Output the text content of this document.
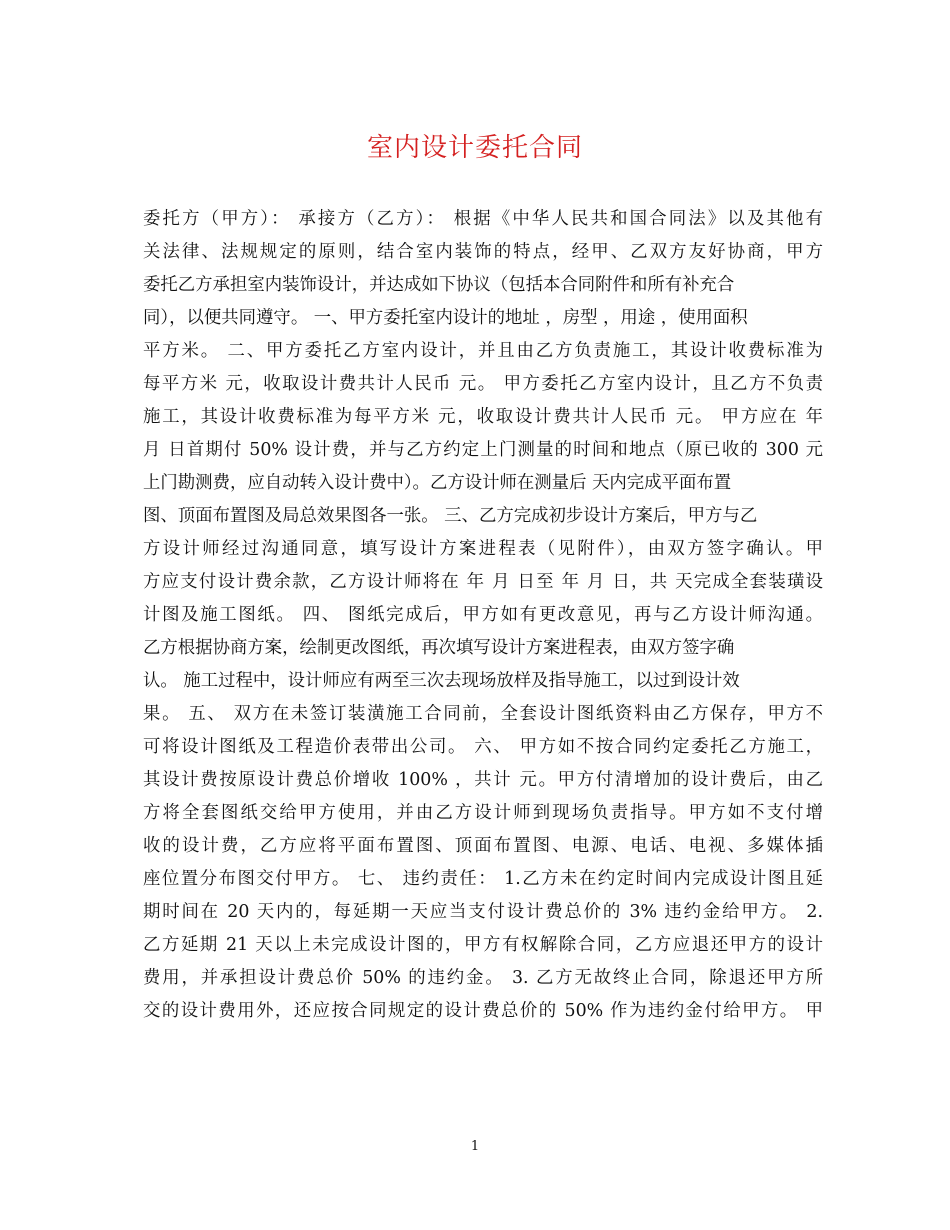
室内设计委托合同
委托方（甲方）： 承接方（乙方）： 根据《中华人民共和国合同法》以及其他有
关法律、法规规定的原则，结合室内装饰的特点，经甲、乙双方友好协商，甲方
委托乙方承担室内装饰设计，并达成如下协议（包括本合同附件和所有补充合
同），以便共同遵守。 一、甲方委托室内设计的地址 ，房型 ，用途 ，使用面积
平方米。 二、甲方委托乙方室内设计，并且由乙方负责施工，其设计收费标准为
每平方米 元，收取设计费共计人民币 元。 甲方委托乙方室内设计，且乙方不负责
施工，其设计收费标准为每平方米 元，收取设计费共计人民币 元。 甲方应在 年
月 日首期付 50% 设计费，并与乙方约定上门测量的时间和地点（原已收的 300 元
上门勘测费，应自动转入设计费中）。乙方设计师在测量后 天内完成平面布置
图、顶面布置图及局总效果图各一张。 三、乙方完成初步设计方案后，甲方与乙
方设计师经过沟通同意，填写设计方案进程表（见附件），由双方签字确认。甲
方应支付设计费余款，乙方设计师将在 年 月 日至 年 月 日，共 天完成全套装璜设
计图及施工图纸。 四、 图纸完成后，甲方如有更改意见，再与乙方设计师沟通。
乙方根据协商方案，绘制更改图纸，再次填写设计方案进程表，由双方签字确
认。 施工过程中，设计师应有两至三次去现场放样及指导施工，以过到设计效
果。 五、 双方在未签订装潢施工合同前，全套设计图纸资料由乙方保存，甲方不
可将设计图纸及工程造价表带出公司。 六、 甲方如不按合同约定委托乙方施工，
其设计费按原设计费总价增收 100% ，共计 元。甲方付清增加的设计费后，由乙
方将全套图纸交给甲方使用，并由乙方设计师到现场负责指导。甲方如不支付增
收的设计费，乙方应将平面布置图、顶面布置图、电源、电话、电视、多媒体插
座位置分布图交付甲方。 七、 违约责任： 1.乙方未在约定时间内完成设计图且延
期时间在 20 天内的，每延期一天应当支付设计费总价的 3% 违约金给甲方。 2.
乙方延期 21 天以上未完成设计图的，甲方有权解除合同，乙方应退还甲方的设计
费用，并承担设计费总价 50% 的违约金。 3. 乙方无故终止合同，除退还甲方所
交的设计费用外，还应按合同规定的设计费总价的 50% 作为违约金付给甲方。 甲
1
